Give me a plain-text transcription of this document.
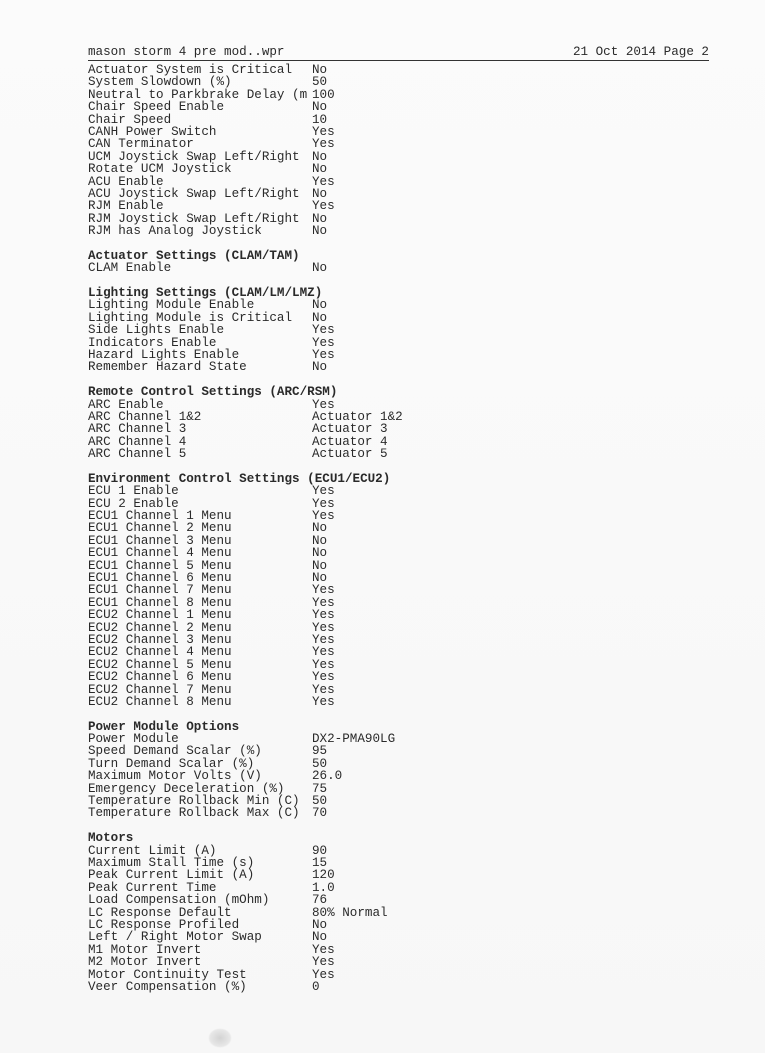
mason storm 4 pre mod..wpr	21 Oct 2014 Page 2
Actuator System is Critical No
System Slowdown (%)	50
Neutral to Parkbrake Delay (m 100
Chair Speed Enable	No
Chair Speed	10
CANH Power Switch	Yes
CAN Terminator	Yes
UCM Joystick Swap Left/Right No
Rotate UCM Joystick	No
ACU Enable	Yes
ACU Joystick Swap Left/Right No
RJM Enable	Yes
RJM Joystick Swap Left/Right No
RJM has Analog Joystick	No
Actuator Settings (CLAM/TAM)
CLAM Enable	No
Lighting Settings (CLAM/LM/LMZ)
Lighting Module Enable	No
Lighting Module is Critical No
Side Lights Enable	Yes
Indicators Enable	Yes
Hazard Lights Enable	Yes
Remember Hazard State	No
Remote Control Settings (ARC/RSM)
ARC Enable	Yes
ARC Channel 1&2	Actuator 1&2
ARC Channel 3	Actuator 3
ARC Channel 4	Actuator 4
ARC Channel 5	Actuator 5
Environment Control Settings (ECU1/ECU2)
ECU 1 Enable	Yes
ECU 2 Enable	Yes
ECU1 Channel 1 Menu	Yes
ECU1 Channel 2 Menu	No
ECU1 Channel 3 Menu	No
ECU1 Channel 4 Menu	No
ECU1 Channel 5 Menu	No
ECU1 Channel 6 Menu	No
ECU1 Channel 7 Menu	Yes
ECU1 Channel 8 Menu	Yes
ECU2 Channel 1 Menu	Yes
ECU2 Channel 2 Menu	Yes
ECU2 Channel 3 Menu	Yes
ECU2 Channel 4 Menu	Yes
ECU2 Channel 5 Menu	Yes
ECU2 Channel 6 Menu	Yes
ECU2 Channel 7 Menu	Yes
ECU2 Channel 8 Menu	Yes
Power Module Options
Power Module	DX2-PMA90LG
Speed Demand Scalar (%)	95
Turn Demand Scalar (%)	50
Maximum Motor Volts (V)	26.0
Emergency Deceleration (%) 75
Temperature Rollback Min (C) 50
Temperature Rollback Max (C) 70
Motors
Current Limit (A)	90
Maximum Stall Time (s)	15
Peak Current Limit (A)	120
Peak Current Time	1.0
Load Compensation (mOhm)	76
LC Response Default	80% Normal
LC Response Profiled	No
Left / Right Motor Swap	No
M1 Motor Invert	Yes
M2 Motor Invert	Yes
Motor Continuity Test	Yes
Veer Compensation (%)	0
